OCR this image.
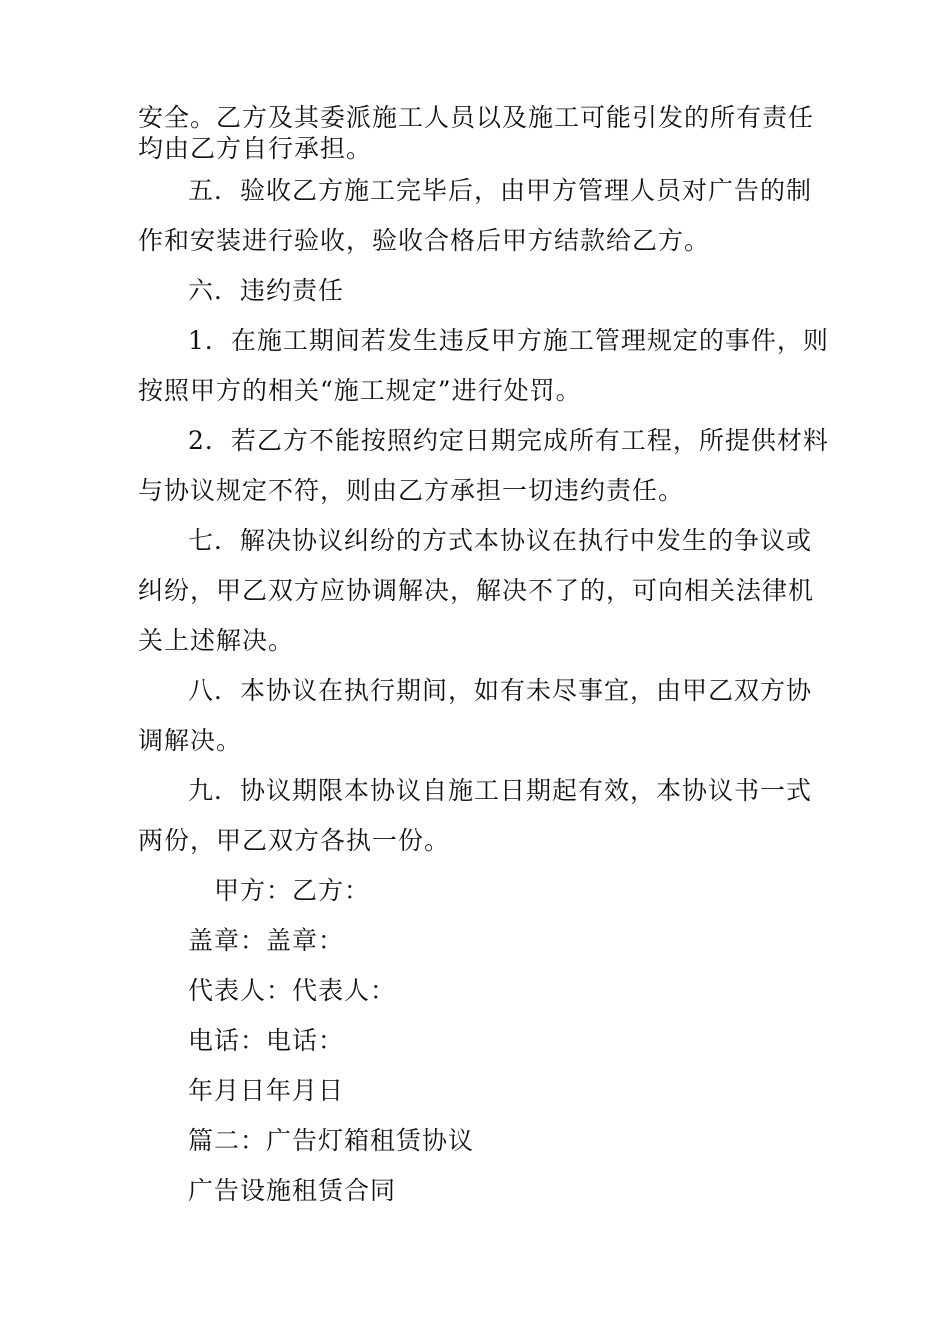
安全。乙方及其委派施工人员以及施工可能引发的所有责任
均由乙方自行承担。
五．验收乙方施工完毕后，由甲方管理人员对广告的制
作和安装进行验收，验收合格后甲方结款给乙方。
六．违约责任
1．在施工期间若发生违反甲方施工管理规定的事件，则
按照甲方的相关“施工规定”进行处罚。
2．若乙方不能按照约定日期完成所有工程，所提供材料
与协议规定不符，则由乙方承担一切违约责任。
七．解决协议纠纷的方式本协议在执行中发生的争议或
纠纷，甲乙双方应协调解决，解决不了的，可向相关法律机
关上述解决。
八．本协议在执行期间，如有未尽事宜，由甲乙双方协
调解决。
九．协议期限本协议自施工日期起有效，本协议书一式
两份，甲乙双方各执一份。
甲方：乙方：
盖章：盖章：
代表人：代表人：
电话：电话：
年月日年月日
篇二：广告灯箱租赁协议
广告设施租赁合同
